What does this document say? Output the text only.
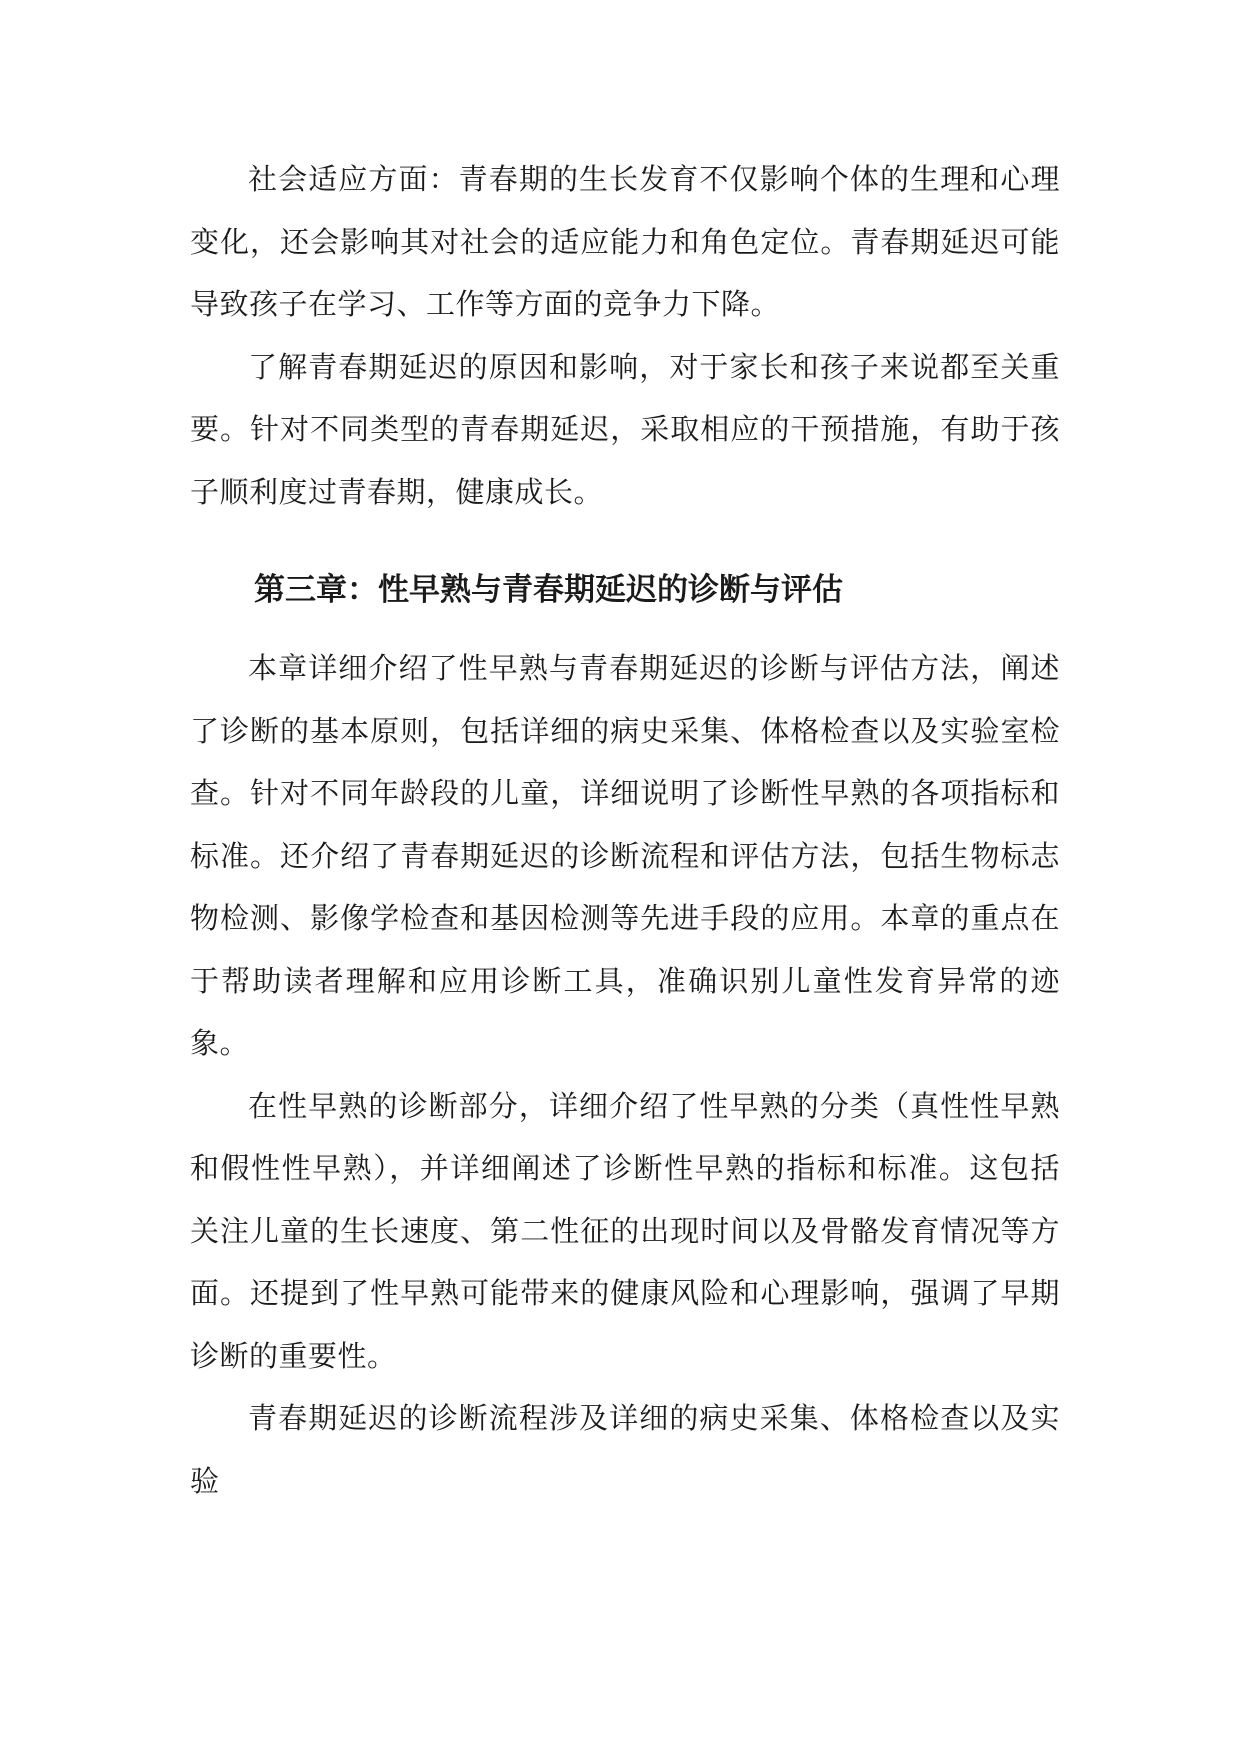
社会适应方面：青春期的生长发育不仅影响个体的生理和心理变化，还会影响其对社会的适应能力和角色定位。青春期延迟可能导致孩子在学习、工作等方面的竞争力下降。

了解青春期延迟的原因和影响，对于家长和孩子来说都至关重要。针对不同类型的青春期延迟，采取相应的干预措施，有助于孩子顺利度过青春期，健康成长。

第三章：性早熟与青春期延迟的诊断与评估

本章详细介绍了性早熟与青春期延迟的诊断与评估方法，阐述了诊断的基本原则，包括详细的病史采集、体格检查以及实验室检查。针对不同年龄段的儿童，详细说明了诊断性早熟的各项指标和标准。还介绍了青春期延迟的诊断流程和评估方法，包括生物标志物检测、影像学检查和基因检测等先进手段的应用。本章的重点在于帮助读者理解和应用诊断工具，准确识别儿童性发育异常的迹象。

在性早熟的诊断部分，详细介绍了性早熟的分类（真性性早熟和假性性早熟），并详细阐述了诊断性早熟的指标和标准。这包括关注儿童的生长速度、第二性征的出现时间以及骨骼发育情况等方面。还提到了性早熟可能带来的健康风险和心理影响，强调了早期诊断的重要性。

青春期延迟的诊断流程涉及详细的病史采集、体格检查以及实验
